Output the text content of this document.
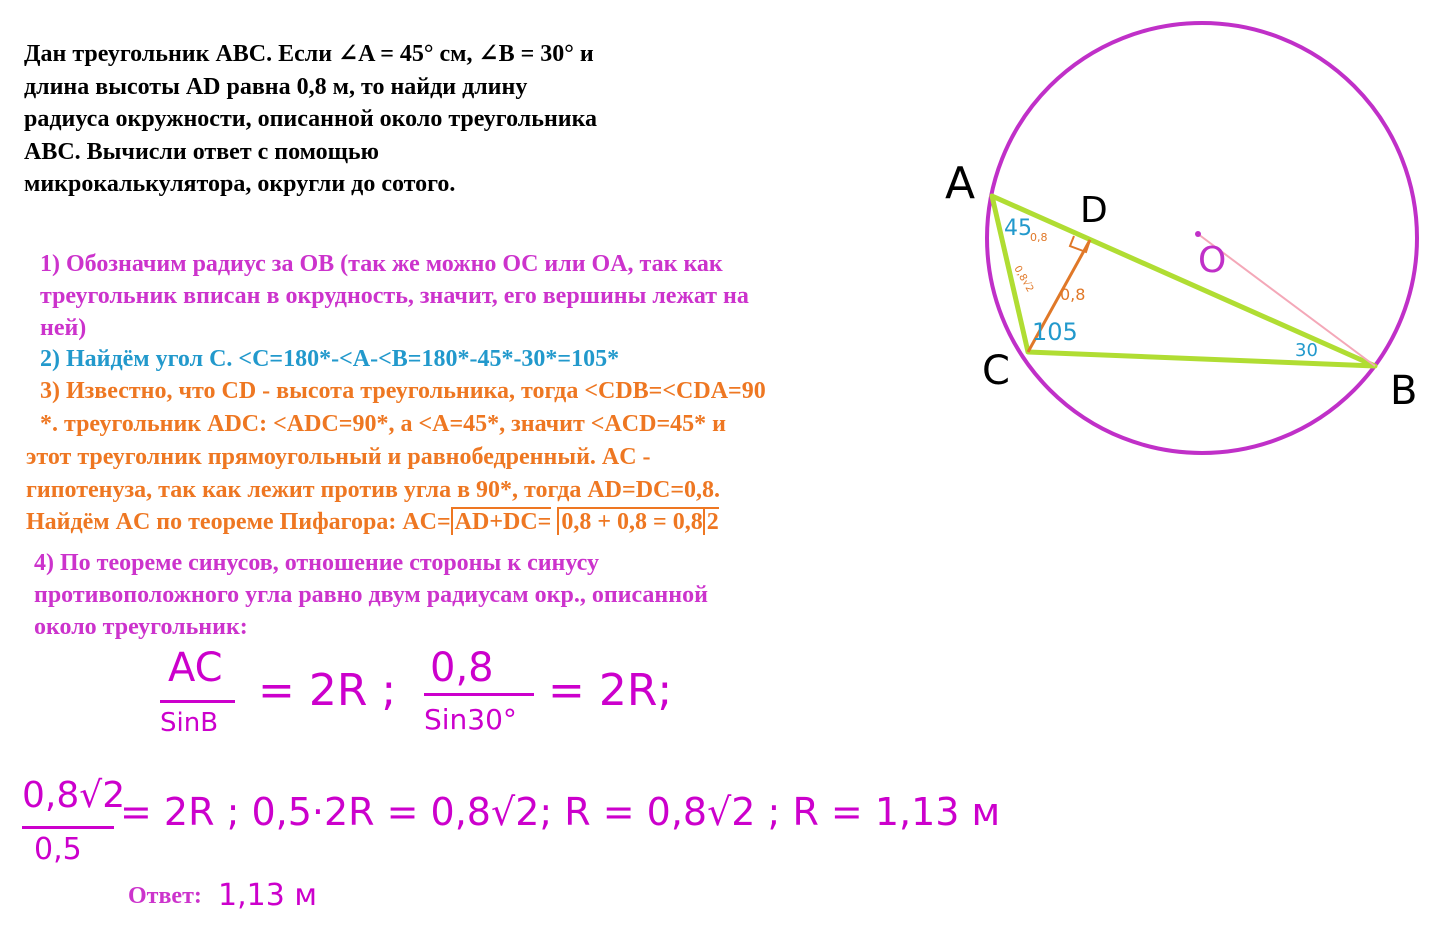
Дан треугольник ABC. Если ∠A = 45° см, ∠B = 30° и
длина высоты AD равна 0,8 м, то найди длину
радиуса окружности, описанной около треугольника
ABC. Вычисли ответ с помощью
микрокалькулятора, округли до сотого.
1) Обозначим радиус за OB (так же можно OC или OA, так как
треугольник вписан в окрудность, значит, его вершины лежат на
ней)
2) Найдём угол C. <C=180*-<A-<B=180*-45*-30*=105*
3) Известно, что CD - высота треугольника, тогда <CDB=<CDA=90
*. треугольник ADC: <ADC=90*, а <A=45*, значит <ACD=45* и
этот треуголник прямоугольный и равнобедренный. AC -
гипотенуза, так как лежит против угла в 90*, тогда AD=DC=0,8.
Найдём AC по теореме Пифагора: AC= AD+DC= 0,8 + 0,8 = 0,8 2
4) По теореме синусов, отношение стороны к синусу
противоположного угла равно двум радиусам окр., описанной
около треугольник:
AC
SinB
= 2R ; 0,8
Sin30°
= 2R;
0,8√2
0,5
= 2R ; 0,5·2R = 0,8√2; R = 0,8√2 ; R = 1,13 м
Ответ: 1,13 м
A
B
C
D
O
45
105
30
0,8
0,8
0,8√2
